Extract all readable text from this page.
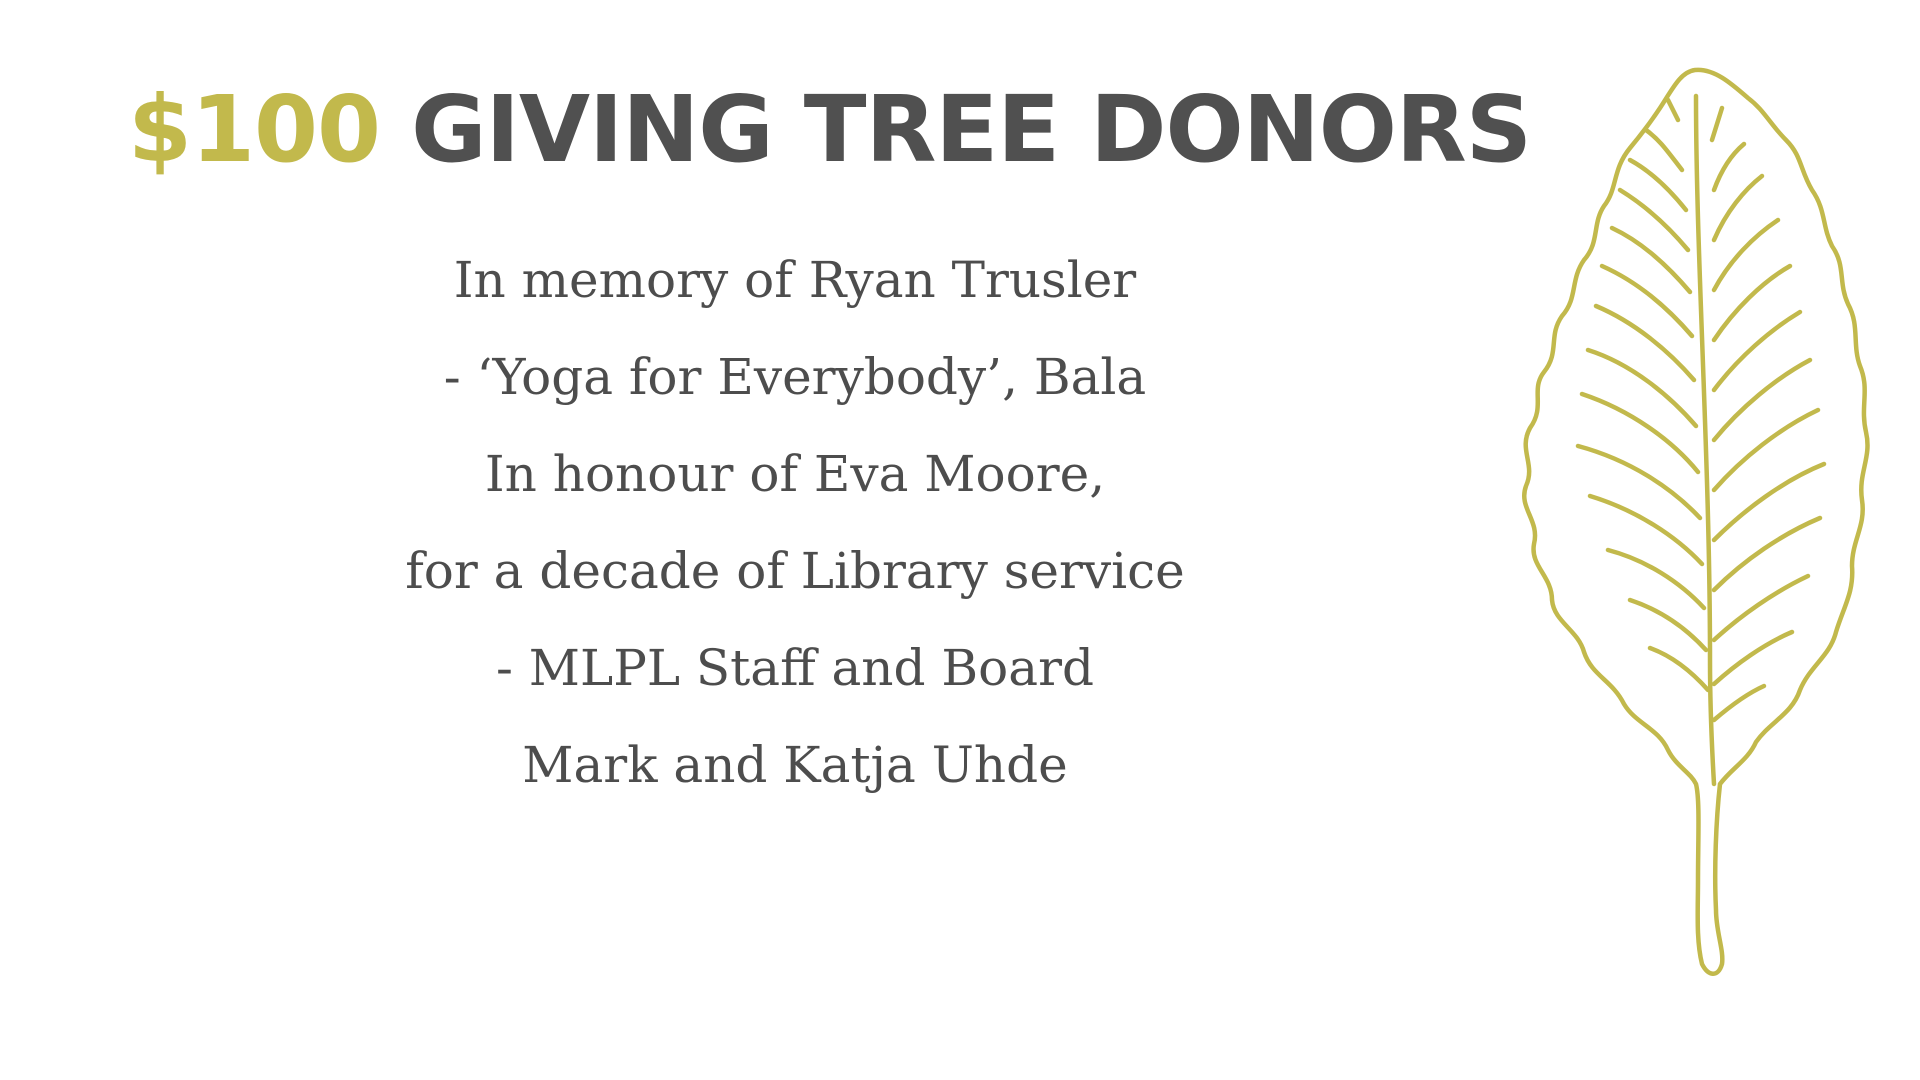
$100 GIVING TREE DONORS
In memory of Ryan Trusler
- ‘Yoga for Everybody’, Bala
In honour of Eva Moore,
for a decade of Library service
- MLPL Staff and Board
Mark and Katja Uhde
